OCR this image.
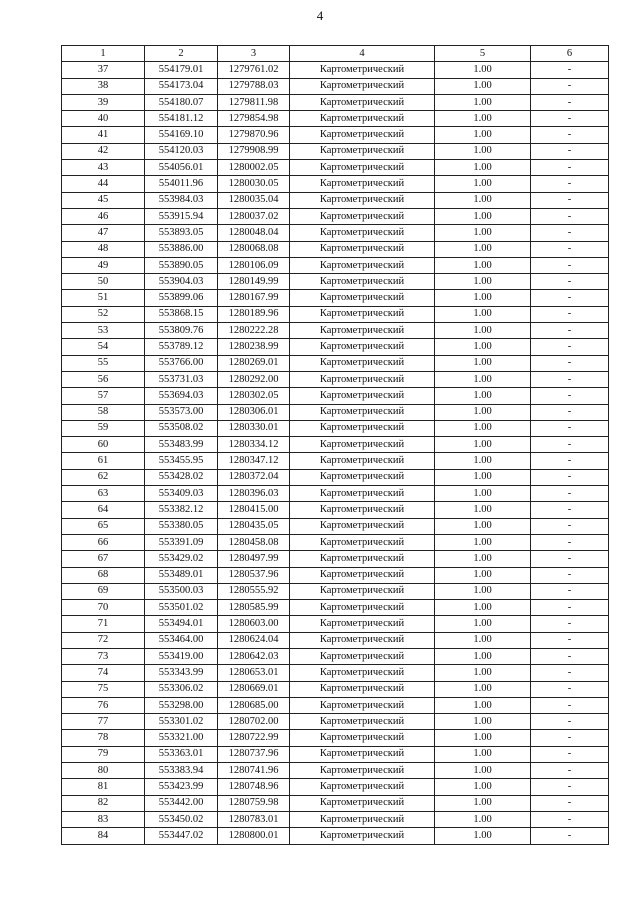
4
1	2	3	4	5	6
37	554179.01	1279761.02	Картометрический	1.00	-
38	554173.04	1279788.03	Картометрический	1.00	-
39	554180.07	1279811.98	Картометрический	1.00	-
40	554181.12	1279854.98	Картометрический	1.00	-
41	554169.10	1279870.96	Картометрический	1.00	-
42	554120.03	1279908.99	Картометрический	1.00	-
43	554056.01	1280002.05	Картометрический	1.00	-
44	554011.96	1280030.05	Картометрический	1.00	-
45	553984.03	1280035.04	Картометрический	1.00	-
46	553915.94	1280037.02	Картометрический	1.00	-
47	553893.05	1280048.04	Картометрический	1.00	-
48	553886.00	1280068.08	Картометрический	1.00	-
49	553890.05	1280106.09	Картометрический	1.00	-
50	553904.03	1280149.99	Картометрический	1.00	-
51	553899.06	1280167.99	Картометрический	1.00	-
52	553868.15	1280189.96	Картометрический	1.00	-
53	553809.76	1280222.28	Картометрический	1.00	-
54	553789.12	1280238.99	Картометрический	1.00	-
55	553766.00	1280269.01	Картометрический	1.00	-
56	553731.03	1280292.00	Картометрический	1.00	-
57	553694.03	1280302.05	Картометрический	1.00	-
58	553573.00	1280306.01	Картометрический	1.00	-
59	553508.02	1280330.01	Картометрический	1.00	-
60	553483.99	1280334.12	Картометрический	1.00	-
61	553455.95	1280347.12	Картометрический	1.00	-
62	553428.02	1280372.04	Картометрический	1.00	-
63	553409.03	1280396.03	Картометрический	1.00	-
64	553382.12	1280415.00	Картометрический	1.00	-
65	553380.05	1280435.05	Картометрический	1.00	-
66	553391.09	1280458.08	Картометрический	1.00	-
67	553429.02	1280497.99	Картометрический	1.00	-
68	553489.01	1280537.96	Картометрический	1.00	-
69	553500.03	1280555.92	Картометрический	1.00	-
70	553501.02	1280585.99	Картометрический	1.00	-
71	553494.01	1280603.00	Картометрический	1.00	-
72	553464.00	1280624.04	Картометрический	1.00	-
73	553419.00	1280642.03	Картометрический	1.00	-
74	553343.99	1280653.01	Картометрический	1.00	-
75	553306.02	1280669.01	Картометрический	1.00	-
76	553298.00	1280685.00	Картометрический	1.00	-
77	553301.02	1280702.00	Картометрический	1.00	-
78	553321.00	1280722.99	Картометрический	1.00	-
79	553363.01	1280737.96	Картометрический	1.00	-
80	553383.94	1280741.96	Картометрический	1.00	-
81	553423.99	1280748.96	Картометрический	1.00	-
82	553442.00	1280759.98	Картометрический	1.00	-
83	553450.02	1280783.01	Картометрический	1.00	-
84	553447.02	1280800.01	Картометрический	1.00	-
